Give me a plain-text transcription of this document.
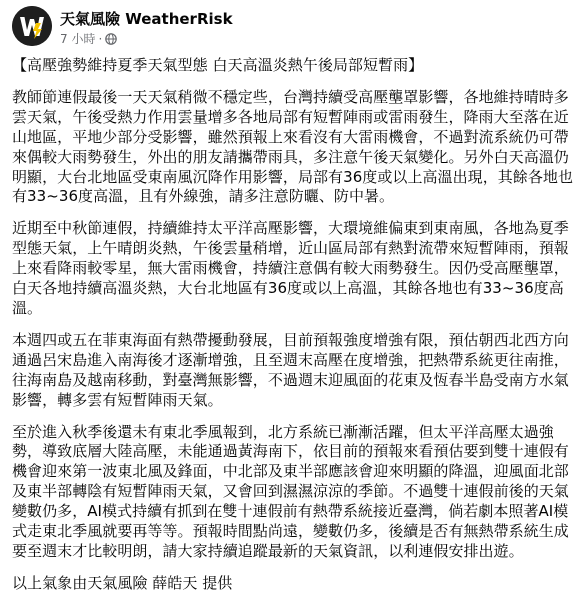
天氣風險 WeatherRisk
7 小時 ·

【高壓強勢維持夏季天氣型態 白天高溫炎熱午後局部短暫雨】

教師節連假最後一天天氣稍微不穩定些，台灣持續受高壓壟罩影響，各地維持晴時多雲天氣，午後受熱力作用雲量增多各地局部有短暫陣雨或雷雨發生，降雨大至落在近山地區，平地少部分受影響，雖然預報上來看沒有大雷雨機會，不過對流系統仍可帶來偶較大雨勢發生，外出的朋友請攜帶雨具，多注意午後天氣變化。另外白天高溫仍明顯，大台北地區受東南風沉降作用影響，局部有36度或以上高溫出現，其餘各地也有33~36度高溫，且有外線強，請多注意防曬、防中暑。

近期至中秋節連假，持續維持太平洋高壓影響，大環境維偏東到東南風，各地為夏季型態天氣，上午晴朗炎熱，午後雲量稍增，近山區局部有熱對流帶來短暫陣雨，預報上來看降雨較零星，無大雷雨機會，持續注意偶有較大雨勢發生。因仍受高壓壟罩，白天各地持續高溫炎熱，大台北地區有36度或以上高溫，其餘各地也有33~36度高溫。

本週四或五在菲東海面有熱帶擾動發展，目前預報強度增強有限，預估朝西北西方向通過呂宋島進入南海後才逐漸增強，且至週末高壓在度增強，把熱帶系統更往南推，往海南島及越南移動，對臺灣無影響，不過週末迎風面的花東及恆春半島受南方水氣影響，轉多雲有短暫陣雨天氣。

至於進入秋季後還未有東北季風報到，北方系統已漸漸活躍，但太平洋高壓太過強勢，導致底層大陸高壓，未能通過黃海南下，依目前的預報來看預估要到雙十連假有機會迎來第一波東北風及鋒面，中北部及東半部應該會迎來明顯的降溫，迎風面北部及東半部轉陰有短暫陣雨天氣，又會回到濕濕涼涼的季節。不過雙十連假前後的天氣變數仍多，AI模式持續有抓到在雙十連假前有熱帶系統接近臺灣，倘若劇本照著AI模式走東北季風就要再等等。預報時間點尚遠，變數仍多，後續是否有無熱帶系統生成要至週末才比較明朗，請大家持續追蹤最新的天氣資訊，以利連假安排出遊。

以上氣象由天氣風險 薛皓天 提供
